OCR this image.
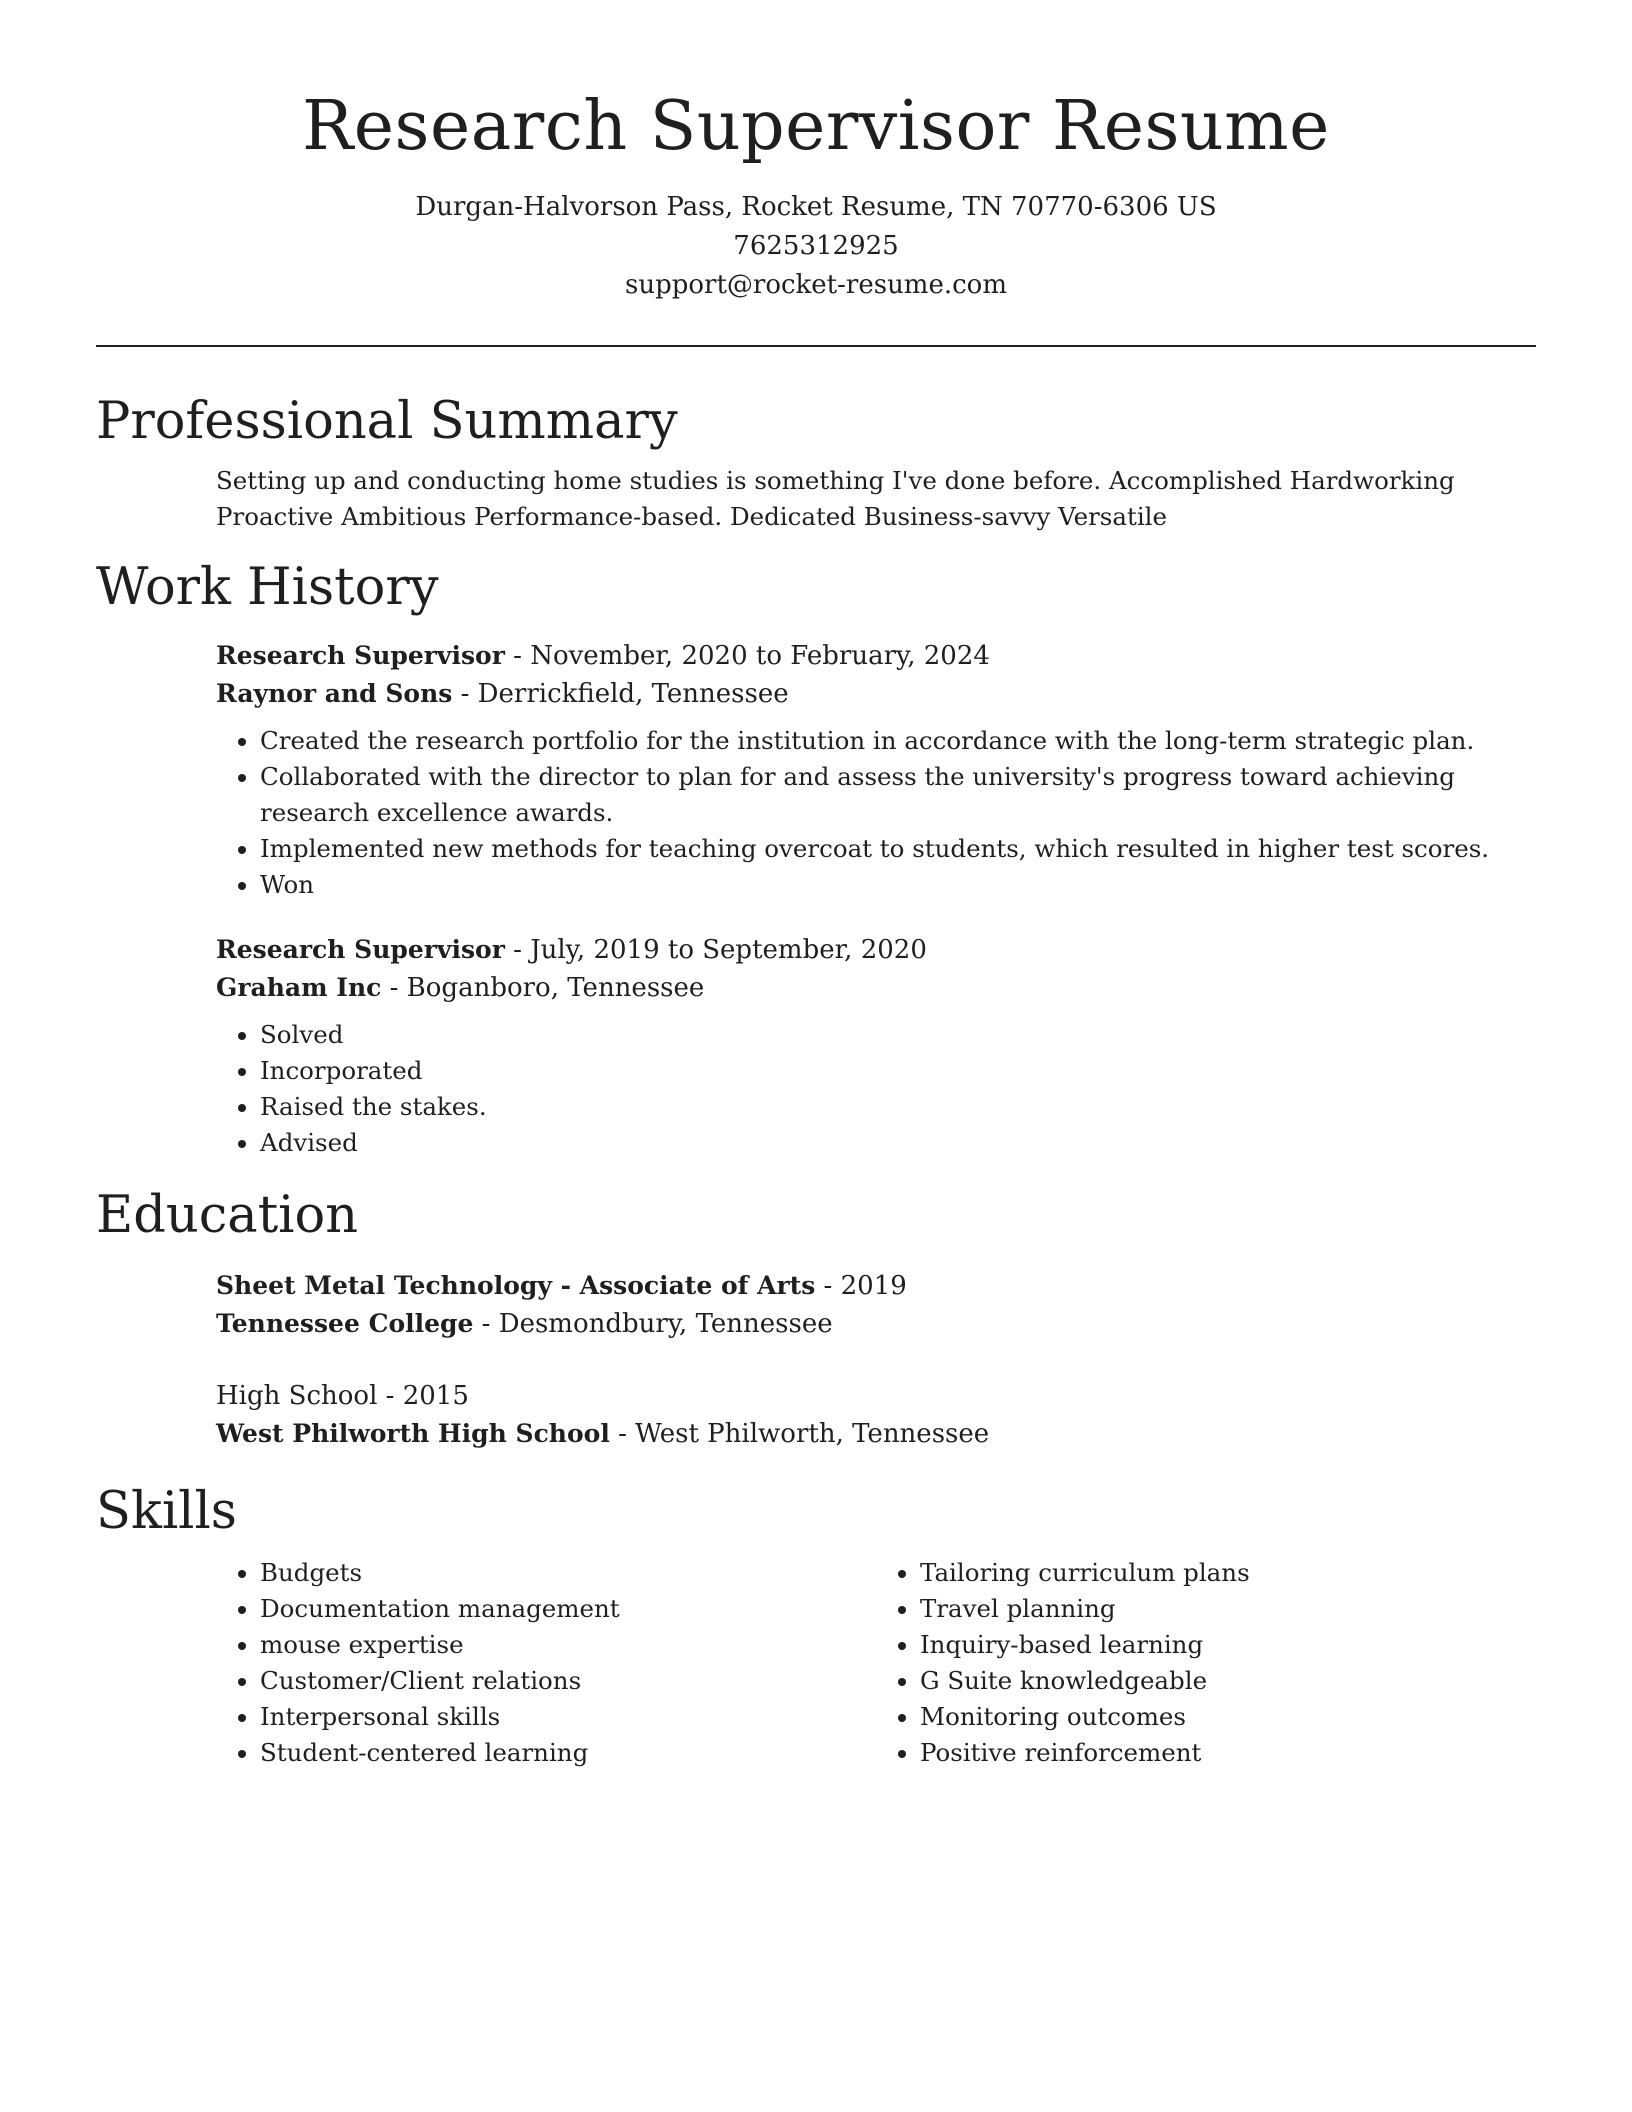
Research Supervisor Resume
Durgan-Halvorson Pass, Rocket Resume, TN 70770-6306 US
7625312925
support@rocket-resume.com
Professional Summary

Setting up and conducting home studies is something I've done before. Accomplished Hardworking Proactive Ambitious Performance-based. Dedicated Business-savvy Versatile

Work History
Research Supervisor - November, 2020 to February, 2024
Raynor and Sons - Derrickfield, Tennessee
• Created the research portfolio for the institution in accordance with the long-term strategic plan.
• Collaborated with the director to plan for and assess the university's progress toward achieving research excellence awards.
• Implemented new methods for teaching overcoat to students, which resulted in higher test scores.
• Won
Research Supervisor - July, 2019 to September, 2020
Graham Inc - Boganboro, Tennessee
• Solved
• Incorporated
• Raised the stakes.
• Advised
Education
Sheet Metal Technology - Associate of Arts - 2019
Tennessee College - Desmondbury, Tennessee
High School - 2015
West Philworth High School - West Philworth, Tennessee
Skills
• Budgets
• Documentation management
• mouse expertise
• Customer/Client relations
• Interpersonal skills
• Student-centered learning
• Tailoring curriculum plans
• Travel planning
• Inquiry-based learning
• G Suite knowledgeable
• Monitoring outcomes
• Positive reinforcement
